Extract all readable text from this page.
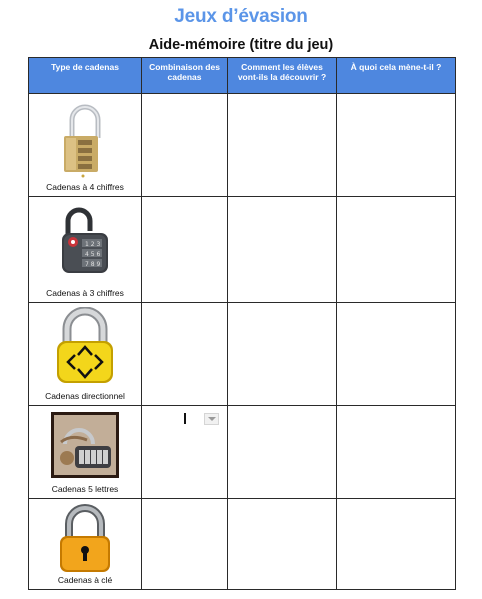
Jeux d’évasion
Aide-mémoire (titre du jeu)
Type de cadenas	Combinaison des cadenas	Comment les élèves vont-ils la découvrir ?	À quoi cela mène-t-il ?

Cadenas à 4 chiffres			

1 2 3
4 5 6
7 8 9
Cadenas à 3 chiffres			

Cadenas directionnel			

Cadenas 5 lettres			

Cadenas à clé			
